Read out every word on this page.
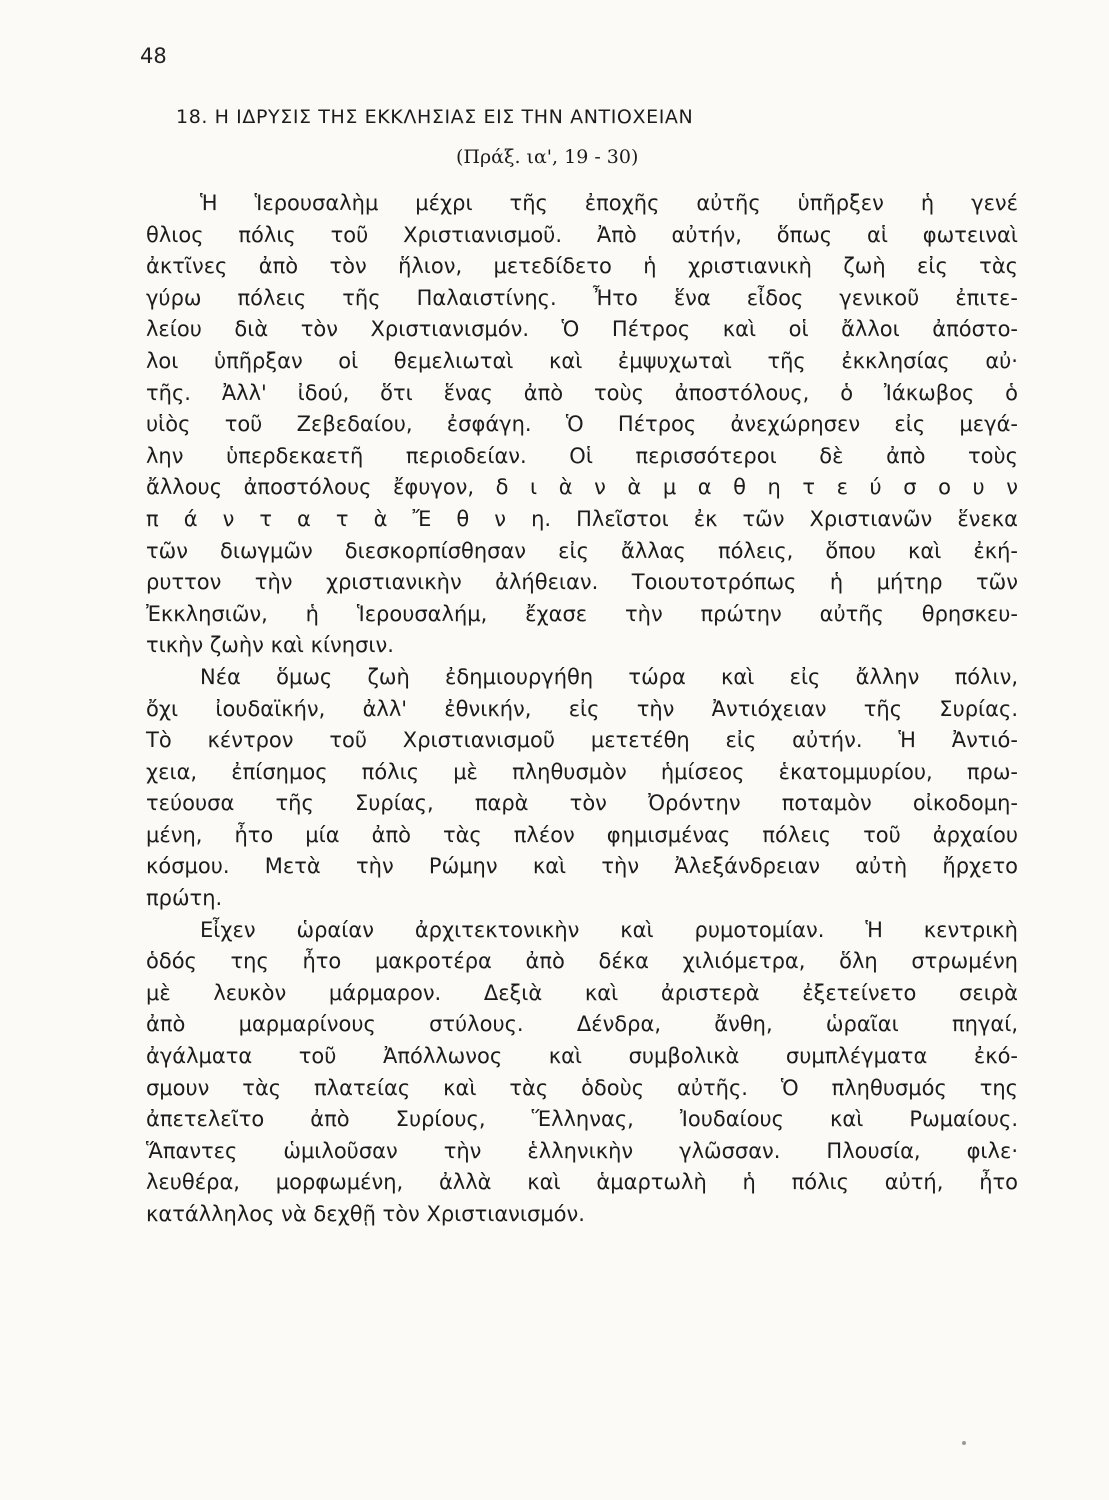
48
18. Η ΙΔΡΥΣΙΣ ΤΗΣ ΕΚΚΛΗΣΙΑΣ ΕΙΣ ΤΗΝ ΑΝΤΙΟΧΕΙΑΝ
(Πράξ. ια', 19 - 30)
Ἡ Ἱερουσαλὴμ μέχρι τῆς ἐποχῆς αὐτῆς ὑπῆρξεν ἡ γενέ
θλιος πόλις τοῦ Χριστιανισμοῦ. Ἀπὸ αὐτήν, ὅπως αἱ φωτειναὶ
ἀκτῖνες ἀπὸ τὸν ἥλιον, μετεδίδετο ἡ χριστιανικὴ ζωὴ εἰς τὰς
γύρω πόλεις τῆς Παλαιστίνης. Ἦτο ἕνα εἶδος γενικοῦ ἐπιτε-
λείου διὰ τὸν Χριστιανισμόν. Ὁ Πέτρος καὶ οἱ ἄλλοι ἀπόστο-
λοι ὑπῆρξαν οἱ θεμελιωταὶ καὶ ἐμψυχωταὶ τῆς ἐκκλησίας αὐ·
τῆς. Ἀλλ' ἰδού, ὅτι ἕνας ἀπὸ τοὺς ἀποστόλους, ὁ Ἰάκωβος ὁ
υἱὸς τοῦ Ζεβεδαίου, ἐσφάγη. Ὁ Πέτρος ἀνεχώρησεν εἰς μεγά-
λην ὑπερδεκαετῆ περιοδείαν. Οἱ περισσότεροι δὲ ἀπὸ τοὺς
ἄλλους ἀποστόλους ἔφυγον, δ ι ὰ ν ὰ μ α θ η τ ε ύ σ ο υ ν
π ά ν τ α τ ὰ Ἔ θ ν η. Πλεῖστοι ἐκ τῶν Χριστιανῶν ἕνεκα
τῶν διωγμῶν διεσκορπίσθησαν εἰς ἄλλας πόλεις, ὅπου καὶ ἐκή-
ρυττον τὴν χριστιανικὴν ἀλήθειαν. Τοιουτοτρόπως ἡ μήτηρ τῶν
Ἐκκλησιῶν, ἡ Ἱερουσαλήμ, ἔχασε τὴν πρώτην αὐτῆς θρησκευ-
τικὴν ζωὴν καὶ κίνησιν.
Νέα ὅμως ζωὴ ἐδημιουργήθη τώρα καὶ εἰς ἄλλην πόλιν,
ὄχι ἰουδαϊκήν, ἀλλ' ἐθνικήν, εἰς τὴν Ἀντιόχειαν τῆς Συρίας.
Τὸ κέντρον τοῦ Χριστιανισμοῦ μετετέθη εἰς αὐτήν. Ἡ Ἀντιό-
χεια, ἐπίσημος πόλις μὲ πληθυσμὸν ἡμίσεος ἑκατομμυρίου, πρω-
τεύουσα τῆς Συρίας, παρὰ τὸν Ὀρόντην ποταμὸν οἰκοδομη-
μένη, ἦτο μία ἀπὸ τὰς πλέον φημισμένας πόλεις τοῦ ἀρχαίου
κόσμου. Μετὰ τὴν Ρώμην καὶ τὴν Ἀλεξάνδρειαν αὐτὴ ἤρχετο
πρώτη.
Εἶχεν ὡραίαν ἀρχιτεκτονικὴν καὶ ρυμοτομίαν. Ἡ κεντρικὴ
ὁδός της ἦτο μακροτέρα ἀπὸ δέκα χιλιόμετρα, ὅλη στρωμένη
μὲ λευκὸν μάρμαρον. Δεξιὰ καὶ ἀριστερὰ ἐξετείνετο σειρὰ
ἀπὸ μαρμαρίνους στύλους. Δένδρα, ἄνθη, ὡραῖαι πηγαί,
ἀγάλματα τοῦ Ἀπόλλωνος καὶ συμβολικὰ συμπλέγματα ἐκό-
σμουν τὰς πλατείας καὶ τὰς ὁδοὺς αὐτῆς. Ὁ πληθυσμός της
ἀπετελεῖτο ἀπὸ Συρίους, Ἕλληνας, Ἰουδαίους καὶ Ρωμαίους.
Ἅπαντες ὡμιλοῦσαν τὴν ἑλληνικὴν γλῶσσαν. Πλουσία, φιλε·
λευθέρα, μορφωμένη, ἀλλὰ καὶ ἁμαρτωλὴ ἡ πόλις αὐτή, ἦτο
κατάλληλος νὰ δεχθῇ τὸν Χριστιανισμόν.
